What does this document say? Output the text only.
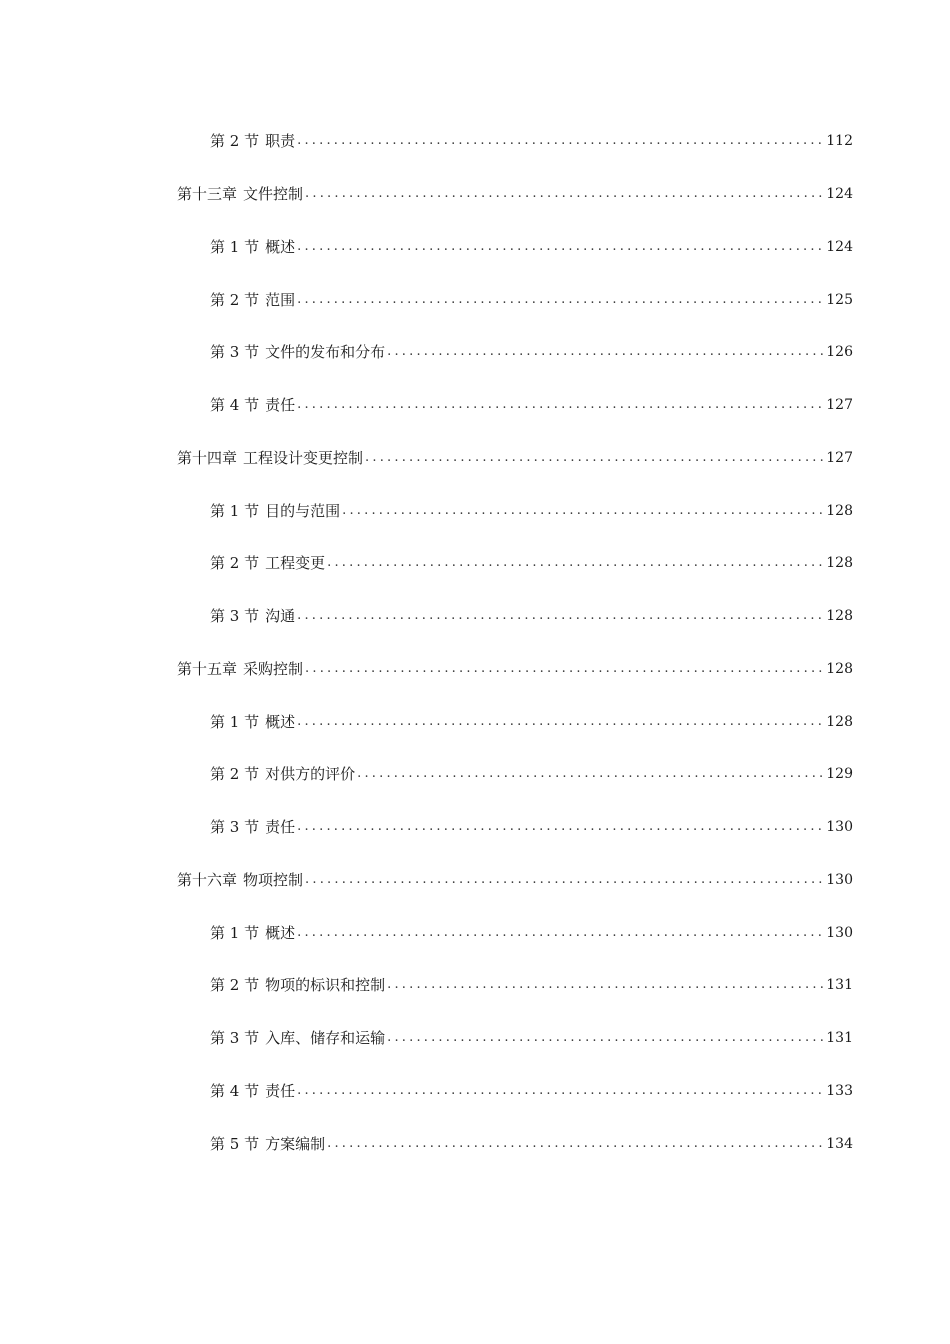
第 2 节 职责 .....	112
第十三章 文件控制 .....	124
第 1 节 概述 .....	124
第 2 节 范围 .....	125
第 3 节 文件的发布和分布 .....	126
第 4 节 责任 .....	127
第十四章 工程设计变更控制 .....	127
第 1 节 目的与范围 .....	128
第 2 节 工程变更 .....	128
第 3 节 沟通 .....	128
第十五章 采购控制 .....	128
第 1 节 概述 .....	128
第 2 节 对供方的评价 .....	129
第 3 节 责任 .....	130
第十六章 物项控制 .....	130
第 1 节 概述 .....	130
第 2 节 物项的标识和控制 .....	131
第 3 节 入库、储存和运输 .....	131
第 4 节 责任 .....	133
第 5 节 方案编制 .....	134
